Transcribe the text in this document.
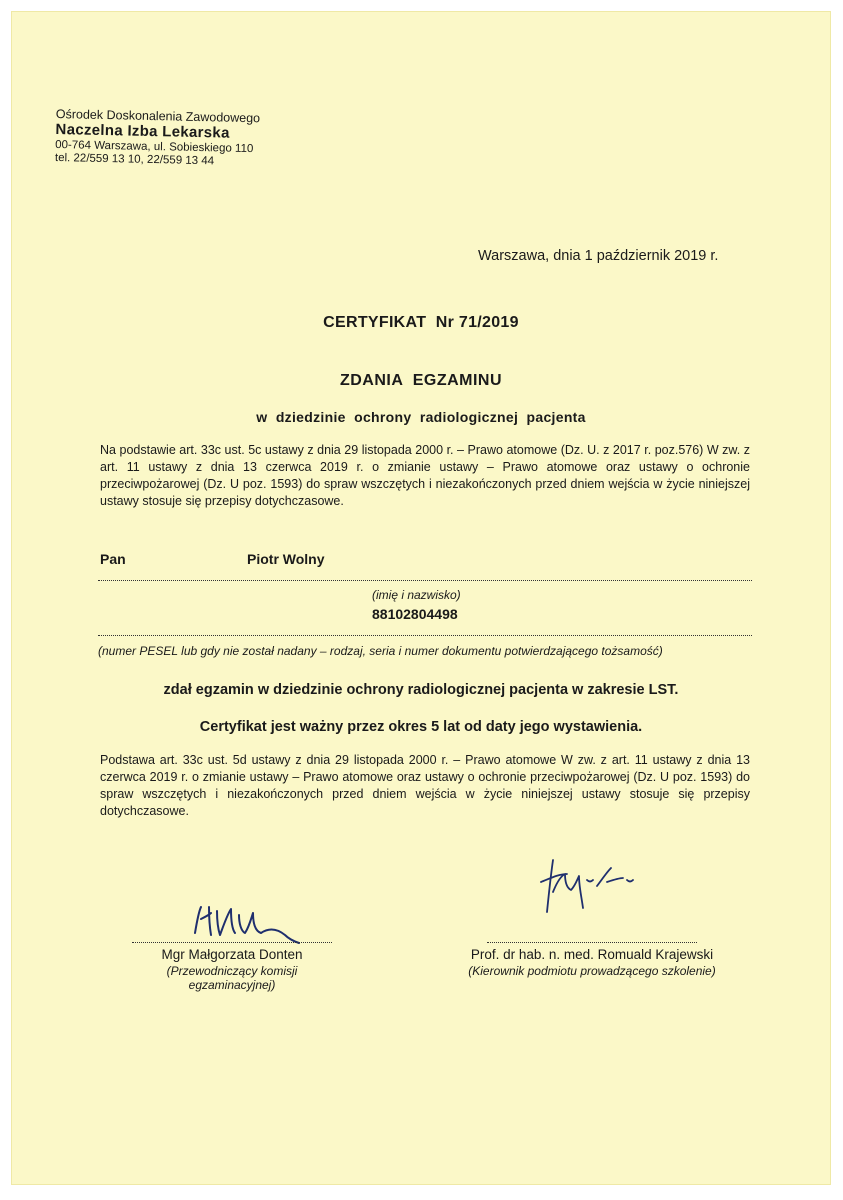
Ośrodek Doskonalenia Zawodowego
Naczelna Izba Lekarska
00-764 Warszawa, ul. Sobieskiego 110
tel. 22/559 13 10, 22/559 13 44
Warszawa, dnia 1 październik 2019 r.
CERTYFIKAT  Nr 71/2019
ZDANIA  EGZAMINU
w  dziedzinie  ochrony  radiologicznej  pacjenta
Na podstawie art. 33c ust. 5c ustawy z dnia 29 listopada 2000 r. – Prawo atomowe (Dz. U. z 2017 r. poz.576) W zw. z art. 11 ustawy z dnia 13 czerwca 2019 r. o zmianie ustawy – Prawo atomowe oraz ustawy o ochronie przeciwpożarowej (Dz. U poz. 1593) do spraw wszczętych i niezakończonych przed dniem wejścia w życie niniejszej ustawy stosuje się przepisy dotychczasowe.
Pan	Piotr Wolny
(imię i nazwisko)
88102804498
(numer PESEL lub gdy nie został nadany – rodzaj, seria i numer dokumentu potwierdzającego tożsamość)
zdał egzamin w dziedzinie ochrony radiologicznej pacjenta w zakresie LST.
Certyfikat jest ważny przez okres 5 lat od daty jego wystawienia.
Podstawa art. 33c ust. 5d ustawy z dnia 29 listopada 2000 r. – Prawo atomowe W zw. z art. 11 ustawy z dnia 13 czerwca 2019 r. o zmianie ustawy – Prawo atomowe oraz ustawy o ochronie przeciwpożarowej (Dz. U poz. 1593) do spraw wszczętych i niezakończonych przed dniem wejścia w życie niniejszej ustawy stosuje się przepisy dotychczasowe.
Mgr Małgorzata Donten
(Przewodniczący komisji egzaminacyjnej)
Prof. dr hab. n. med. Romuald Krajewski
(Kierownik podmiotu prowadzącego szkolenie)
